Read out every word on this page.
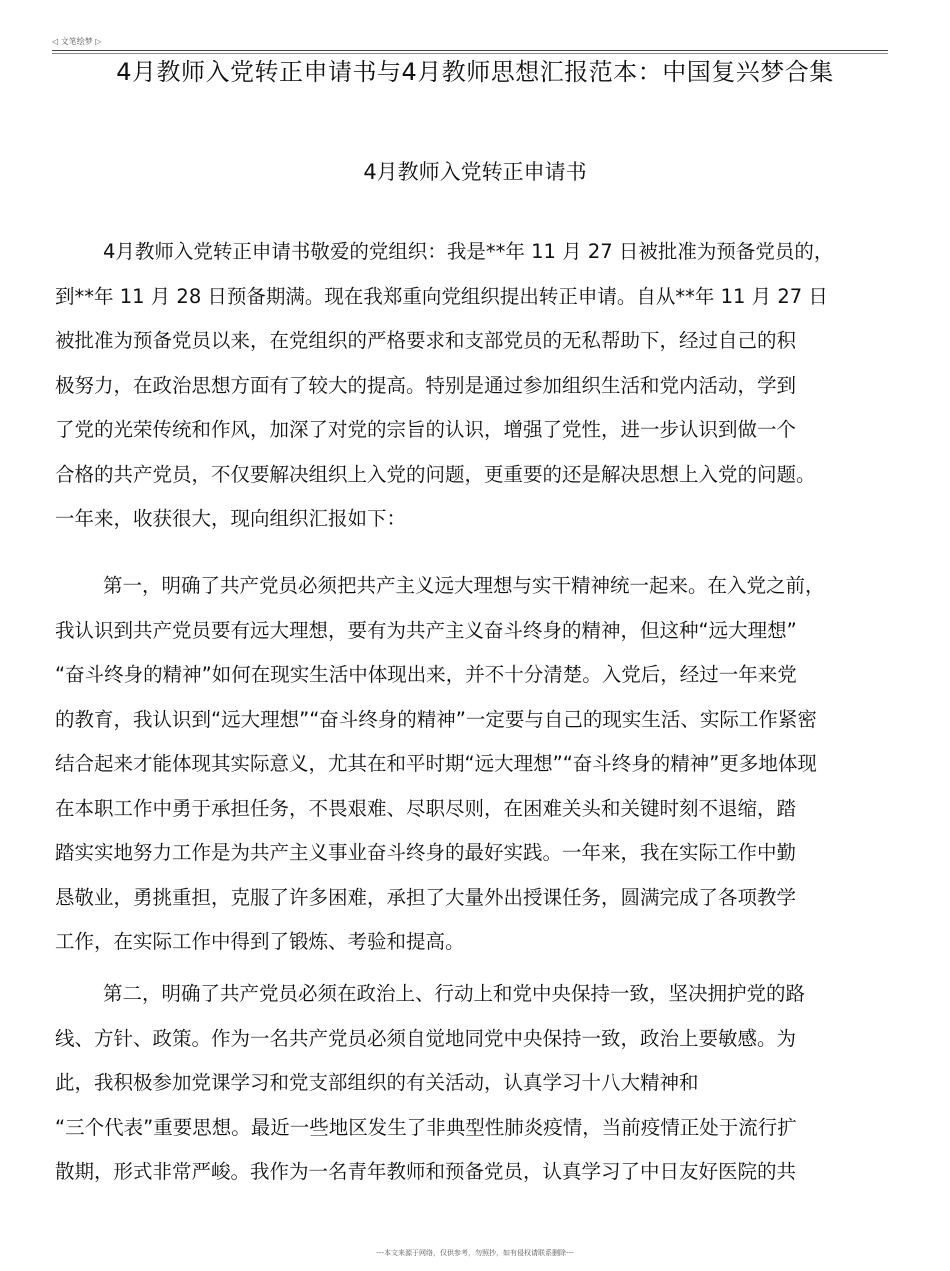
◁ 文笔绘梦 ▷
4月教师入党转正申请书与4月教师思想汇报范本：中国复兴梦合集
4月教师入党转正申请书
4月教师入党转正申请书敬爱的党组织：我是**年 11 月 27 日被批准为预备党员的，
到**年 11 月 28 日预备期满。现在我郑重向党组织提出转正申请。自从**年 11 月 27 日
被批准为预备党员以来，在党组织的严格要求和支部党员的无私帮助下，经过自己的积
极努力，在政治思想方面有了较大的提高。特别是通过参加组织生活和党内活动，学到
了党的光荣传统和作风，加深了对党的宗旨的认识，增强了党性，进一步认识到做一个
合格的共产党员，不仅要解决组织上入党的问题，更重要的还是解决思想上入党的问题。
一年来，收获很大，现向组织汇报如下：
第一，明确了共产党员必须把共产主义远大理想与实干精神统一起来。在入党之前，
我认识到共产党员要有远大理想，要有为共产主义奋斗终身的精神，但这种“远大理想”
“奋斗终身的精神”如何在现实生活中体现出来，并不十分清楚。入党后，经过一年来党
的教育，我认识到“远大理想”“奋斗终身的精神”一定要与自己的现实生活、实际工作紧密
结合起来才能体现其实际意义，尤其在和平时期“远大理想”“奋斗终身的精神”更多地体现
在本职工作中勇于承担任务，不畏艰难、尽职尽则，在困难关头和关键时刻不退缩，踏
踏实实地努力工作是为共产主义事业奋斗终身的最好实践。一年来，我在实际工作中勤
恳敬业，勇挑重担，克服了许多困难，承担了大量外出授课任务，圆满完成了各项教学
工作，在实际工作中得到了锻炼、考验和提高。
第二，明确了共产党员必须在政治上、行动上和党中央保持一致，坚决拥护党的路
线、方针、政策。作为一名共产党员必须自觉地同党中央保持一致，政治上要敏感。为
此，我积极参加党课学习和党支部组织的有关活动，认真学习十八大精神和
“三个代表”重要思想。最近一些地区发生了非典型性肺炎疫情，当前疫情正处于流行扩
散期，形式非常严峻。我作为一名青年教师和预备党员，认真学习了中日友好医院的共
---本文来源于网络，仅供参考，勿照抄，如有侵权请联系删除---
